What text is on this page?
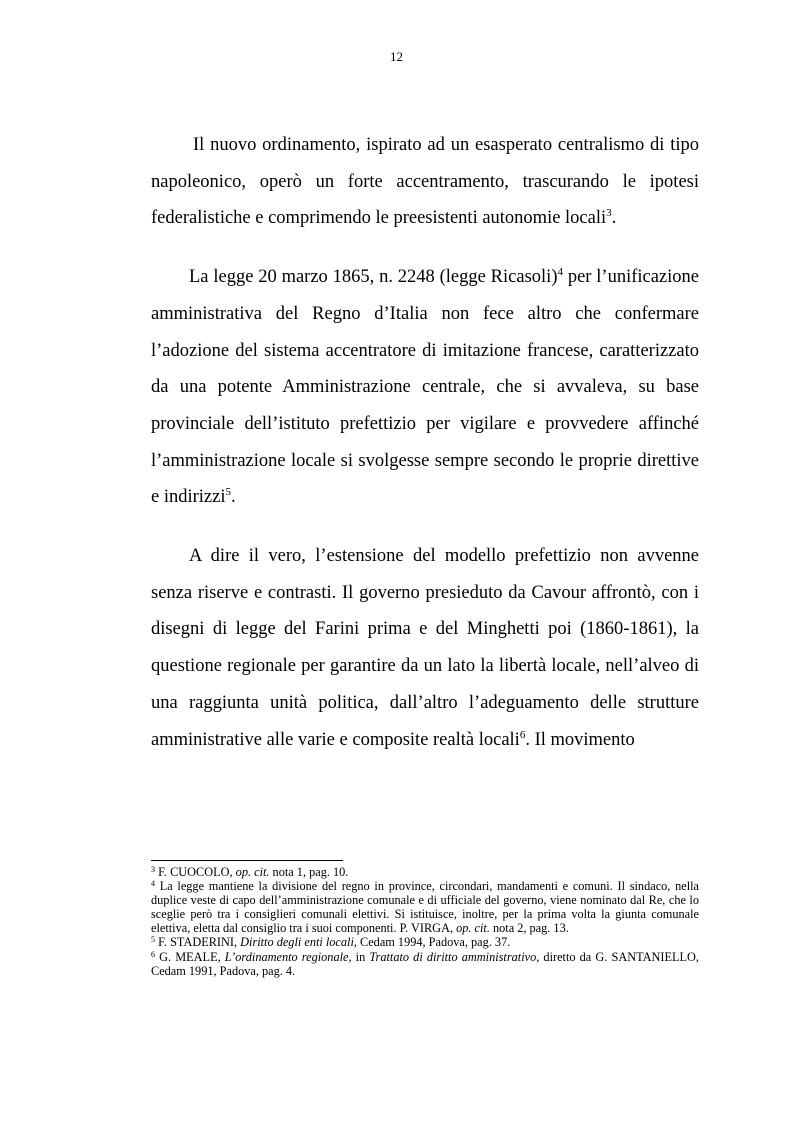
12

Il nuovo ordinamento, ispirato ad un esasperato centralismo di tipo napoleonico, operò un forte accentramento, trascurando le ipotesi federalistiche e comprimendo le preesistenti autonomie locali$^3$.

La legge 20 marzo 1865, n. 2248 (legge Ricasoli)$^4$ per l’unificazione amministrativa del Regno d’Italia non fece altro che confermare l’adozione del sistema accentratore di imitazione francese, caratterizzato da una potente Amministrazione centrale, che si avvaleva, su base provinciale dell’istituto prefettizio per vigilare e provvedere affinché l’amministrazione locale si svolgesse sempre secondo le proprie direttive e indirizzi$^5$.

A dire il vero, l’estensione del modello prefettizio non avvenne senza riserve e contrasti. Il governo presieduto da Cavour affrontò, con i disegni di legge del Farini prima e del Minghetti poi (1860-1861), la questione regionale per garantire da un lato la libertà locale, nell’alveo di una raggiunta unità politica, dall’altro l’adeguamento delle strutture amministrative alle varie e composite realtà locali$^6$. Il movimento

$^3$ F. CUOCOLO, op. cit. nota 1, pag. 10.

$^4$ La legge mantiene la divisione del regno in province, circondari, mandamenti e comuni. Il sindaco, nella duplice veste di capo dell’amministrazione comunale e di ufficiale del governo, viene nominato dal Re, che lo sceglie però tra i consiglieri comunali elettivi. Si istituisce, inoltre, per la prima volta la giunta comunale elettiva, eletta dal consiglio tra i suoi componenti. P. VIRGA, op. cit. nota 2, pag. 13.

$^5$ F. STADERINI, Diritto degli enti locali, Cedam 1994, Padova, pag. 37.

$^6$ G. MEALE, L’ordinamento regionale, in Trattato di diritto amministrativo, diretto da G. SANTANIELLO, Cedam 1991, Padova, pag. 4.
